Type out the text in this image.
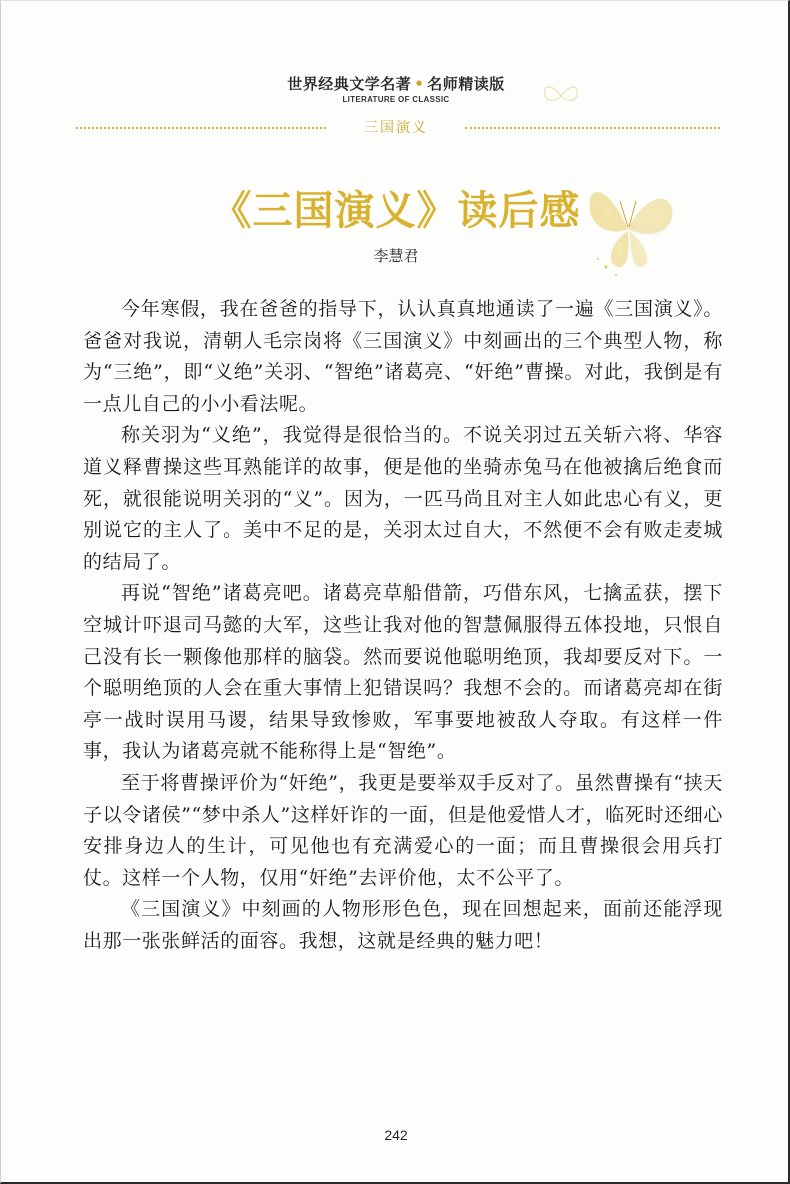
世界经典文学名著 • 名师精读版
LITERATURE OF CLASSIC
三国演义
《三国演义》读后感
李慧君

今年寒假，我在爸爸的指导下，认认真真地通读了一遍《三国演义》。爸爸对我说，清朝人毛宗岗将《三国演义》中刻画出的三个典型人物，称为“三绝”，即“义绝”关羽、“智绝”诸葛亮、“奸绝”曹操。对此，我倒是有一点儿自己的小小看法呢。

称关羽为“义绝”，我觉得是很恰当的。不说关羽过五关斩六将、华容道义释曹操这些耳熟能详的故事，便是他的坐骑赤兔马在他被擒后绝食而死，就很能说明关羽的“义”。因为，一匹马尚且对主人如此忠心有义，更别说它的主人了。美中不足的是，关羽太过自大，不然便不会有败走麦城的结局了。

再说“智绝”诸葛亮吧。诸葛亮草船借箭，巧借东风，七擒孟获，摆下空城计吓退司马懿的大军，这些让我对他的智慧佩服得五体投地，只恨自己没有长一颗像他那样的脑袋。然而要说他聪明绝顶，我却要反对下。一个聪明绝顶的人会在重大事情上犯错误吗？我想不会的。而诸葛亮却在街亭一战时误用马谡，结果导致惨败，军事要地被敌人夺取。有这样一件事，我认为诸葛亮就不能称得上是“智绝”。

至于将曹操评价为“奸绝”，我更是要举双手反对了。虽然曹操有“挟天子以令诸侯”“梦中杀人”这样奸诈的一面，但是他爱惜人才，临死时还细心安排身边人的生计，可见他也有充满爱心的一面；而且曹操很会用兵打仗。这样一个人物，仅用“奸绝”去评价他，太不公平了。

《三国演义》中刻画的人物形形色色，现在回想起来，面前还能浮现出那一张张鲜活的面容。我想，这就是经典的魅力吧！

242
